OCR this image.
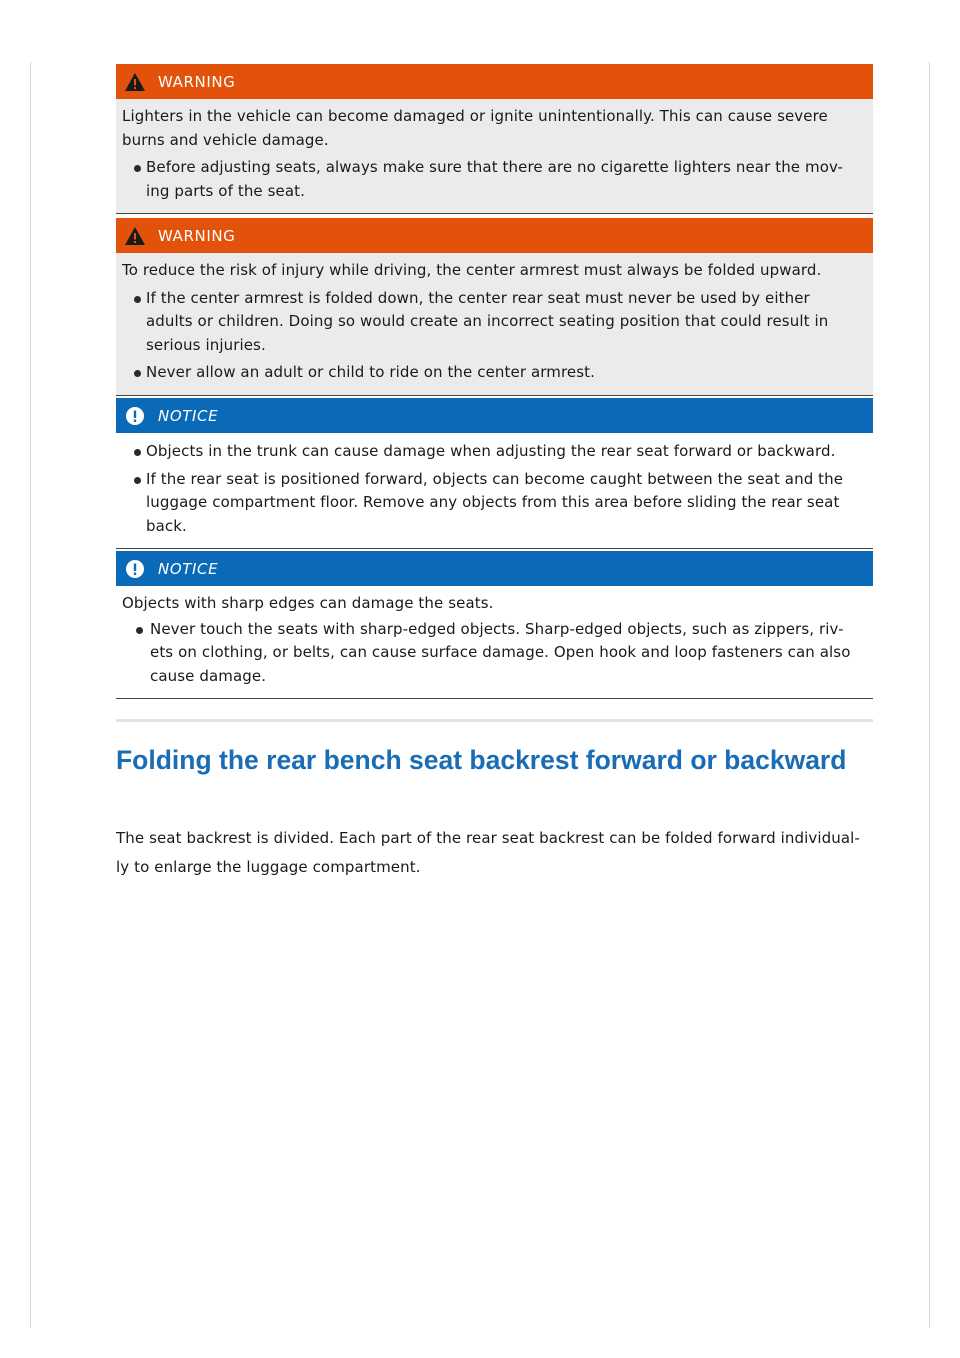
WARNING

Lighters in the vehicle can become damaged or ignite unintentionally. This can cause severe burns and vehicle damage.

Before adjusting seats, always make sure that there are no cigarette lighters near the mov- ing parts of the seat.
WARNING

To reduce the risk of injury while driving, the center armrest must always be folded upward.

If the center armrest is folded down, the center rear seat must never be used by either adults or children. Doing so would create an incorrect seating position that could result in serious injuries.
Never allow an adult or child to ride on the center armrest.
NOTICE
Objects in the trunk can cause damage when adjusting the rear seat forward or backward.
If the rear seat is positioned forward, objects can become caught between the seat and the luggage compartment floor. Remove any objects from this area before sliding the rear seat back.
NOTICE

Objects with sharp edges can damage the seats.

Never touch the seats with sharp-edged objects. Sharp-edged objects, such as zippers, riv- ets on clothing, or belts, can cause surface damage. Open hook and loop fasteners can also cause damage.
Folding the rear bench seat backrest forward or backward

The seat backrest is divided. Each part of the rear seat backrest can be folded forward individual- ly to enlarge the luggage compartment.
